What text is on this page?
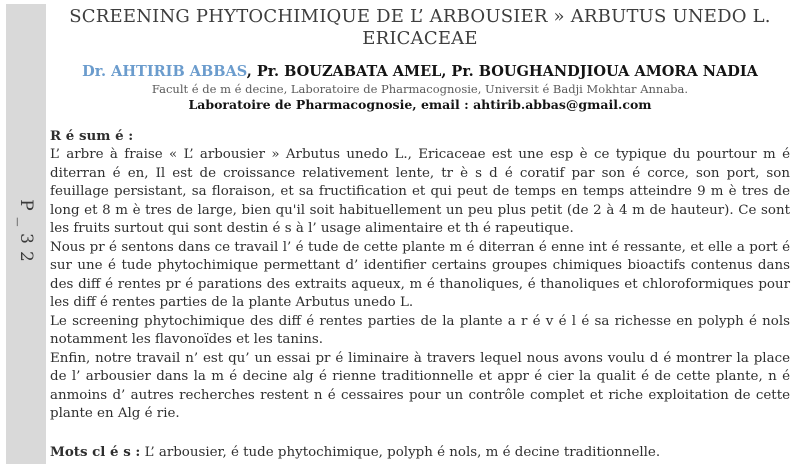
P_32
SCREENING PHYTOCHIMIQUE DE L’ ARBOUSIER » ARBUTUS UNEDO L.
ERICACEAE

Dr. AHTIRIB ABBAS, Pr. BOUZABATA AMEL, Pr. BOUGHANDJIOUA AMORA NADIA

Facult é de m é decine, Laboratoire de Pharmacognosie, Universit é Badji Mokhtar Annaba.

Laboratoire de Pharmacognosie, email : ahtirib.abbas@gmail.com

R é sum é :

L’ arbre à fraise « L’ arbousier » Arbutus unedo L., Ericaceae est une esp è ce typique du pourtour m é diterran é en, Il est de croissance relativement lente, tr è s d é coratif par son é corce, son port, son feuillage persistant, sa floraison, et sa fructification et qui peut de temps en temps atteindre 9 m è tres de long et 8 m è tres de large, bien qu'il soit habituellement un peu plus petit (de 2 à 4 m de hauteur). Ce sont les fruits surtout qui sont destin é s à l’ usage alimentaire et th é rapeutique.

Nous pr é sentons dans ce travail l’ é tude de cette plante m é diterran é enne int é ressante, et elle a port é sur une é tude phytochimique permettant d’ identifier certains groupes chimiques bioactifs contenus dans des diff é rentes pr é parations des extraits aqueux, m é thanoliques, é thanoliques et chloroformiques pour les diff é rentes parties de la plante Arbutus unedo L.

Le screening phytochimique des diff é rentes parties de la plante a r é v é l é sa richesse en polyph é nols notamment les flavonoïdes et les tanins.

Enfin, notre travail n’ est qu’ un essai pr é liminaire à travers lequel nous avons voulu d é montrer la place de l’ arbousier dans la m é decine alg é rienne traditionnelle et appr é cier la qualit é de cette plante, n é anmoins d’ autres recherches restent n é cessaires pour un contrôle complet et riche exploitation de cette plante en Alg é rie.

Mots cl é s : L’ arbousier, é tude phytochimique, polyph é nols, m é decine traditionnelle.
